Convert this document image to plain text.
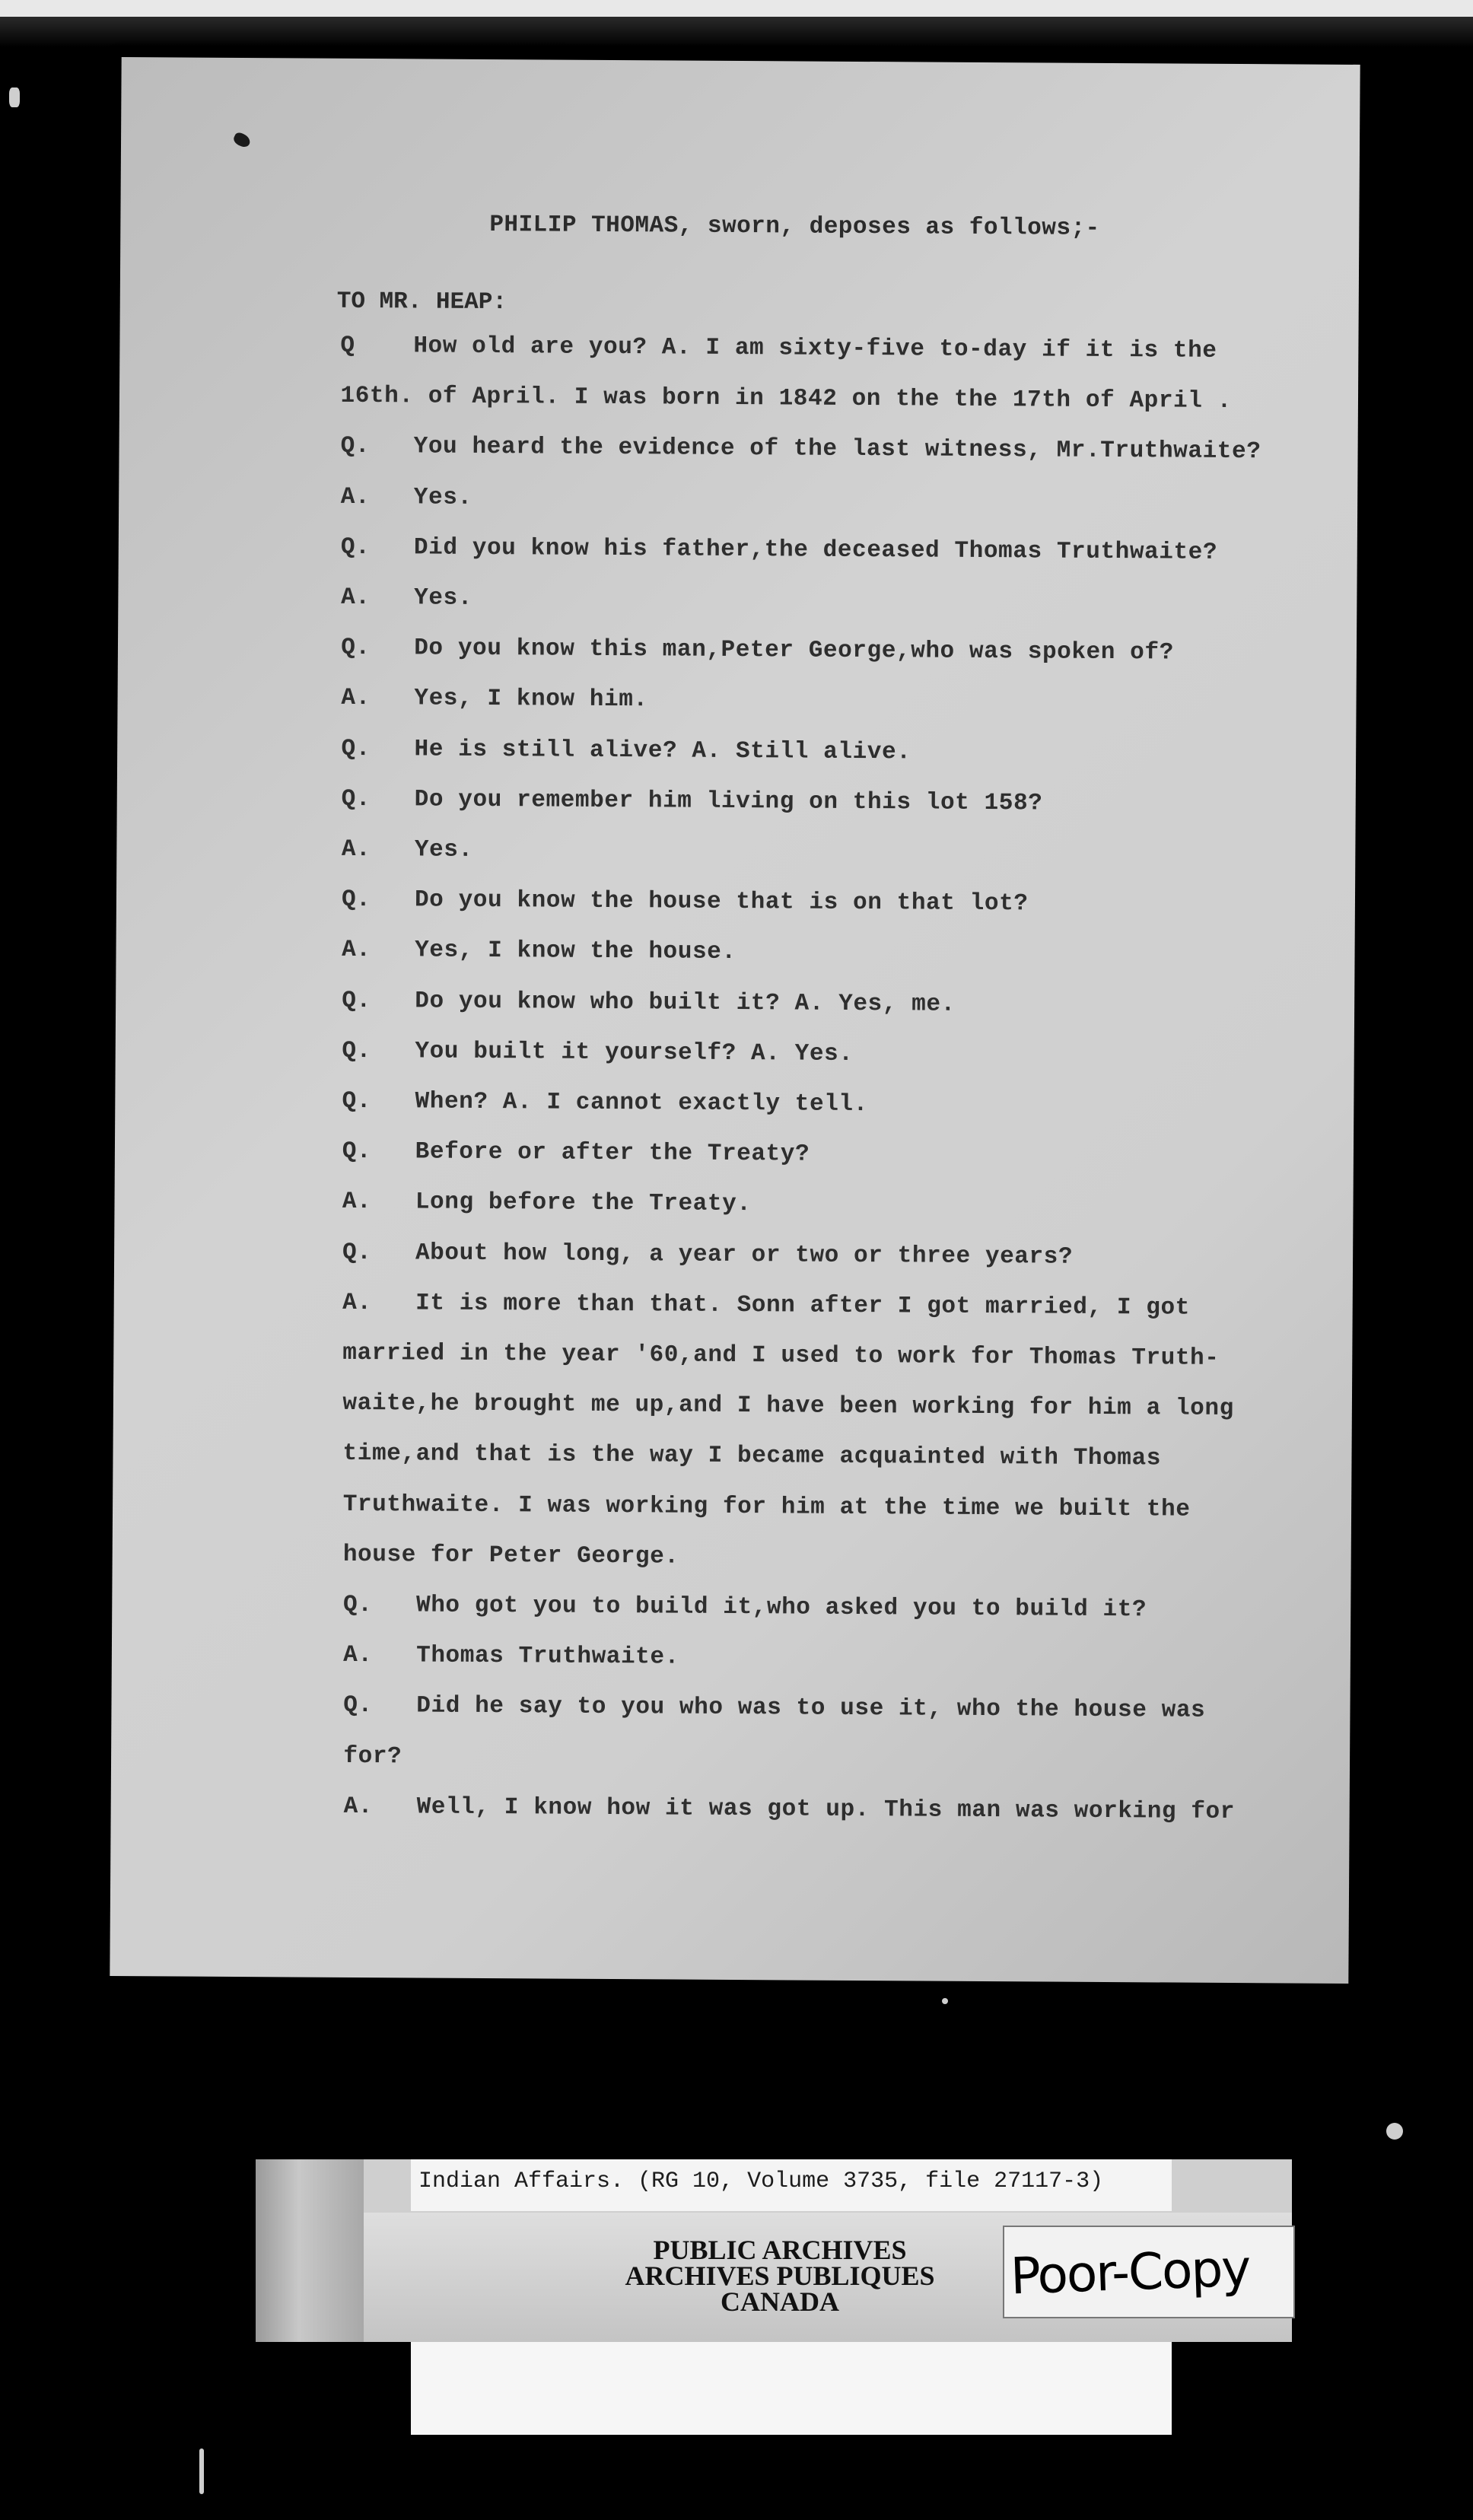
PHILIP THOMAS, sworn, deposes as follows;-
TO MR. HEAP:
Q How old are you? A. I am sixty-five to-day if it is the
16th. of April. I was born in 1842 on the the 17th of April .
Q. You heard the evidence of the last witness, Mr.Truthwaite?
A. Yes.
Q. Did you know his father,the deceased Thomas Truthwaite?
A. Yes.
Q. Do you know this man,Peter George,who was spoken of?
A. Yes, I know him.
Q. He is still alive? A. Still alive.
Q. Do you remember him living on this lot 158?
A. Yes.
Q. Do you know the house that is on that lot?
A. Yes, I know the house.
Q. Do you know who built it? A. Yes, me.
Q. You built it yourself? A. Yes.
Q. When? A. I cannot exactly tell.
Q. Before or after the Treaty?
A. Long before the Treaty.
Q. About how long, a year or two or three years?
A. It is more than that. Sonn after I got married, I got
married in the year '60,and I used to work for Thomas Truth-
waite,he brought me up,and I have been working for him a long
time,and that is the way I became acquainted with Thomas
Truthwaite. I was working for him at the time we built the
house for Peter George.
Q. Who got you to build it,who asked you to build it?
A. Thomas Truthwaite.
Q. Did he say to you who was to use it, who the house was
for?
A. Well, I know how it was got up. This man was working for
Indian Affairs. (RG 10, Volume 3735, file 27117-3)
PUBLIC ARCHIVES
ARCHIVES PUBLIQUES
CANADA	Poor-Copy
